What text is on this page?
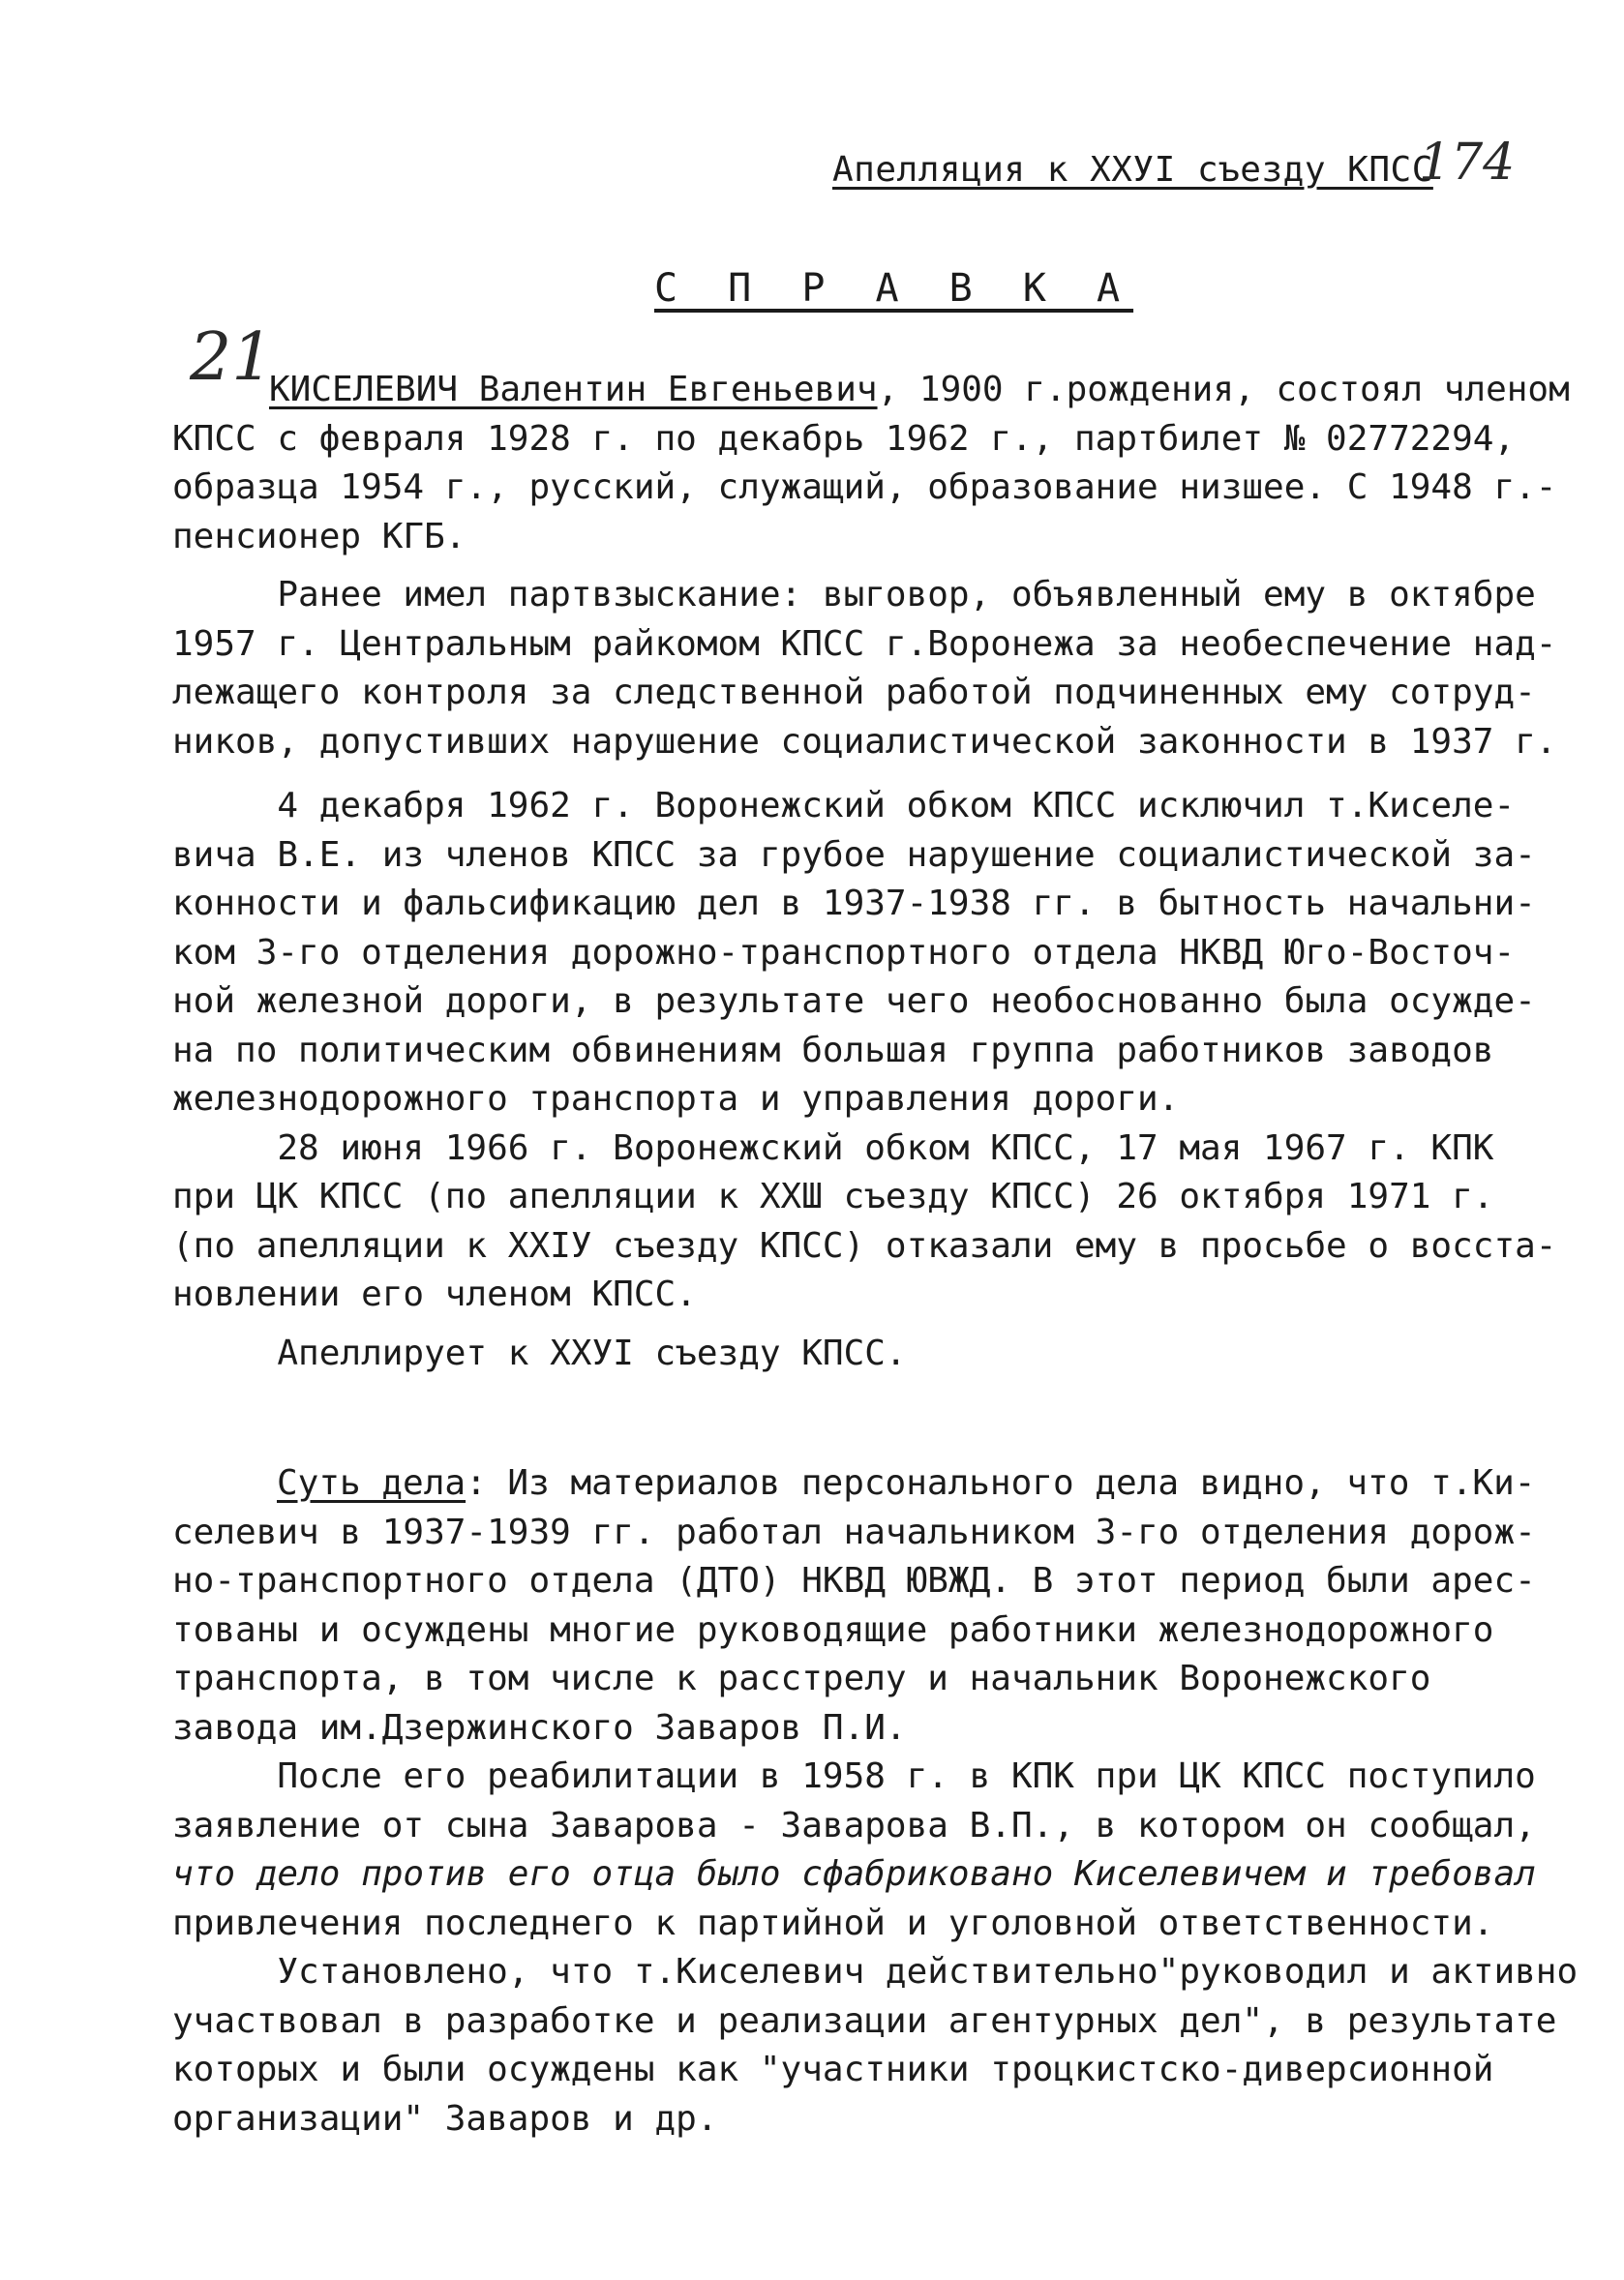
Апелляция к ХХУI съезду КПСС
174
С П Р А В К А
21

КИСЕЛЕВИЧ Валентин Евгеньевич, 1900 г.рождения, состоял членом

КПСС с февраля 1928 г. по декабрь 1962 г., партбилет № 02772294,

образца 1954 г., русский, служащий, образование низшее. С 1948 г.-

пенсионер КГБ.

Ранее имел партвзыскание: выговор, объявленный ему в октябре

1957 г. Центральным райкомом КПСС г.Воронежа за необеспечение над-

лежащего контроля за следственной работой подчиненных ему сотруд-

ников, допустивших нарушение социалистической законности в 1937 г.

4 декабря 1962 г. Воронежский обком КПСС исключил т.Киселе-

вича В.Е. из членов КПСС за грубое нарушение социалистической за-

конности и фальсификацию дел в 1937-1938 гг. в бытность начальни-

ком 3-го отделения дорожно-транспортного отдела НКВД Юго-Восточ-

ной железной дороги, в результате чего необоснованно была осужде-

на по политическим обвинениям большая группа работников заводов

железнодорожного транспорта и управления дороги.

28 июня 1966 г. Воронежский обком КПСС, 17 мая 1967 г. КПК

при ЦК КПСС (по апелляции к ХХШ съезду КПСС) 26 октября 1971 г.

(по апелляции к ХХIУ съезду КПСС) отказали ему в просьбе о восста-

новлении его членом КПСС.

Апеллирует к ХХУI съезду КПСС.

Суть дела: Из материалов персонального дела видно, что т.Ки-

селевич в 1937-1939 гг. работал начальником 3-го отделения дорож-

но-транспортного отдела (ДТО) НКВД ЮВЖД. В этот период были арес-

тованы и осуждены многие руководящие работники железнодорожного

транспорта, в том числе к расстрелу и начальник Воронежского

завода им.Дзержинского Заваров П.И.

После его реабилитации в 1958 г. в КПК при ЦК КПСС поступило

заявление от сына Заварова - Заварова В.П., в котором он сообщал,

что дело против его отца было сфабриковано Киселевичем и требовал

привлечения последнего к партийной и уголовной ответственности.

Установлено, что т.Киселевич действительно"руководил и активно

участвовал в разработке и реализации агентурных дел", в результате

которых и были осуждены как "участники троцкистско-диверсионной

организации" Заваров и др.
